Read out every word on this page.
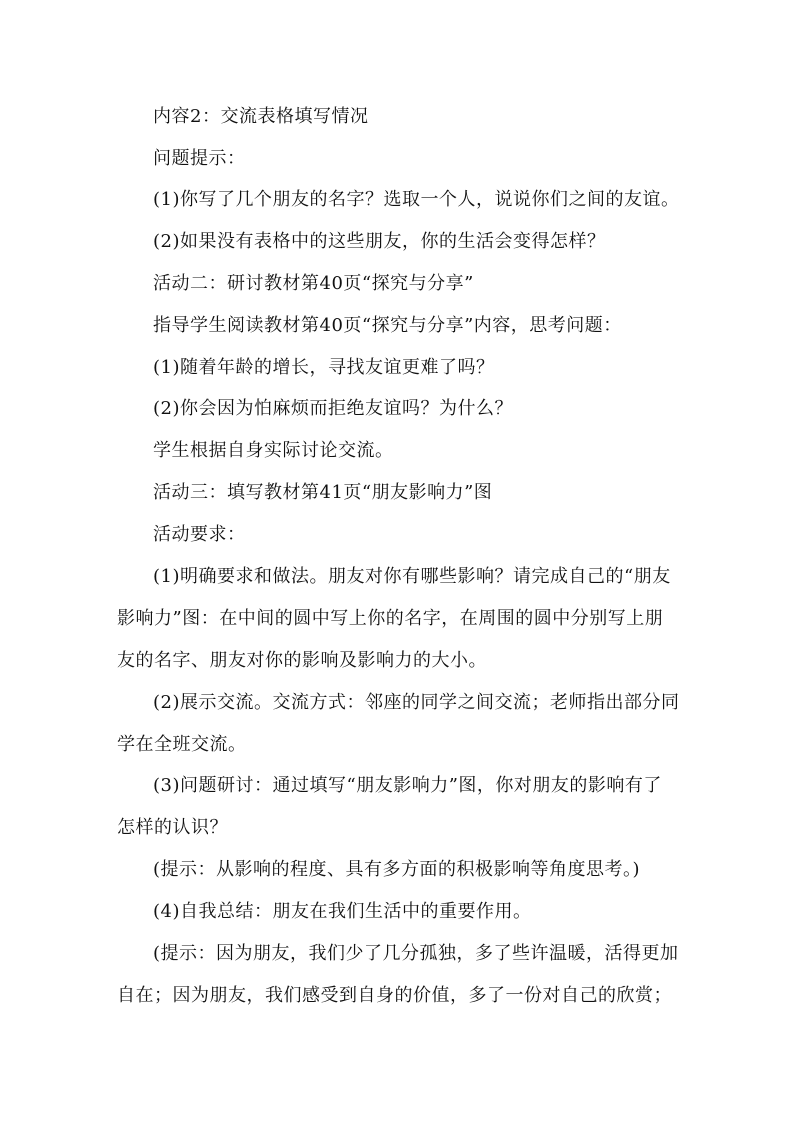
内容2：交流表格填写情况
问题提示：
(1)你写了几个朋友的名字？选取一个人，说说你们之间的友谊。
(2)如果没有表格中的这些朋友，你的生活会变得怎样？
活动二：研讨教材第40页“探究与分享”
指导学生阅读教材第40页“探究与分享”内容，思考问题：
(1)随着年龄的增长，寻找友谊更难了吗？
(2)你会因为怕麻烦而拒绝友谊吗？为什么？
学生根据自身实际讨论交流。
活动三：填写教材第41页“朋友影响力”图
活动要求：
(1)明确要求和做法。朋友对你有哪些影响？请完成自己的“朋友
影响力”图：在中间的圆中写上你的名字，在周围的圆中分别写上朋
友的名字、朋友对你的影响及影响力的大小。
(2)展示交流。交流方式：邻座的同学之间交流；老师指出部分同
学在全班交流。
(3)问题研讨：通过填写“朋友影响力”图，你对朋友的影响有了
怎样的认识？
(提示：从影响的程度、具有多方面的积极影响等角度思考。)
(4)自我总结：朋友在我们生活中的重要作用。
(提示：因为朋友，我们少了几分孤独，多了些许温暖，活得更加
自在；因为朋友，我们感受到自身的价值，多了一份对自己的欣赏；
